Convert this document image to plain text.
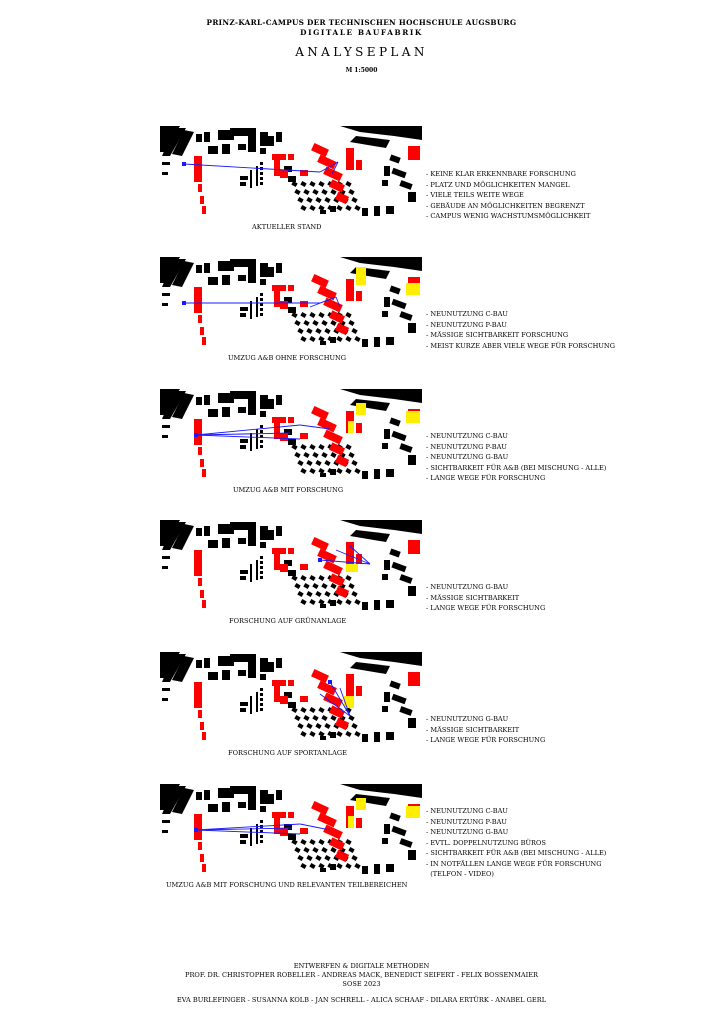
PRINZ-KARL-CAMPUS DER TECHNISCHEN HOCHSCHULE AUGSBURG
DIGITALE BAUFABRIK
ANALYSEPLAN
M 1:5000
AKTUELLER STAND
- KEINE KLAR ERKENNBARE FORSCHUNG
- PLATZ UND MÖGLICHKEITEN MANGEL
- VIELE TEILS WEITE WEGE
- GEBÄUDE AN MÖGLICHKEITEN BEGRENZT
- CAMPUS WENIG WACHSTUMSMÖGLICHKEIT
UMZUG A&B OHNE FORSCHUNG
- NEUNUTZUNG C-BAU
- NEUNUTZUNG P-BAU
- MÄSSIGE SICHTBARKEIT FORSCHUNG
- MEIST KURZE ABER VIELE WEGE FÜR FORSCHUNG
UMZUG A&B MIT FORSCHUNG
- NEUNUTZUNG C-BAU
- NEUNUTZUNG P-BAU
- NEUNUTZUNG G-BAU
- SICHTBARKEIT FÜR A&B (BEI MISCHUNG - ALLE)
- LANGE WEGE FÜR FORSCHUNG
FORSCHUNG AUF GRÜNANLAGE
- NEUNUTZUNG G-BAU
- MÄSSIGE SICHTBARKEIT
- LANGE WEGE FÜR FORSCHUNG
FORSCHUNG AUF SPORTANLAGE
- NEUNUTZUNG G-BAU
- MÄSSIGE SICHTBARKEIT
- LANGE WEGE FÜR FORSCHUNG
UMZUG A&B MIT FORSCHUNG UND RELEVANTEN TEILBEREICHEN
- NEUNUTZUNG C-BAU
- NEUNUTZUNG P-BAU
- NEUNUTZUNG G-BAU
- EVTL. DOPPELNUTZUNG BÜROS
- SICHTBARKEIT FÜR A&B (BEI MISCHUNG - ALLE)
- IN NOTFÄLLEN LANGE WEGE FÜR FORSCHUNG
(TELFON - VIDEO)
ENTWERFEN & DIGITALE METHODEN
PROF. DR. CHRISTOPHER ROBELLER - ANDREAS MACK, BENEDICT SEIFERT - FELIX BOSSENMAIER
SOSE 2023
EVA BURLEFINGER - SUSANNA KOLB - JAN SCHRELL - ALICA SCHAAF - DILARA ERTÜRK - ANABEL GERL
